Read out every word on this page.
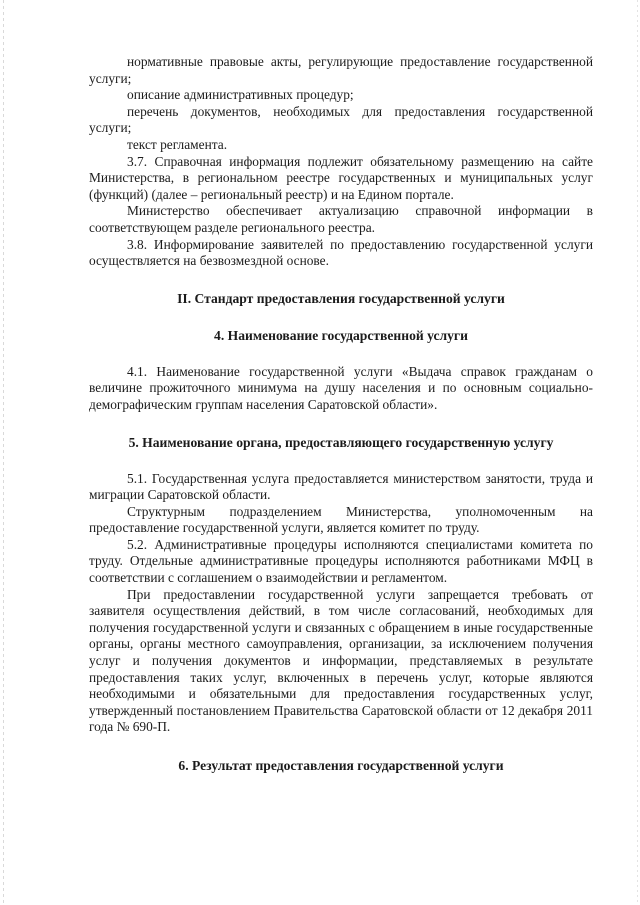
нормативные правовые акты, регулирующие предоставление государственной услуги;

описание административных процедур;

перечень документов, необходимых для предоставления государственной услуги;

текст регламента.

3.7. Справочная информация подлежит обязательному размещению на сайте Министерства, в региональном реестре государственных и муниципальных услуг (функций) (далее – региональный реестр) и на Едином портале.

Министерство обеспечивает актуализацию справочной информации в соответствующем разделе регионального реестра.

3.8. Информирование заявителей по предоставлению государственной услуги осуществляется на безвозмездной основе.

II. Стандарт предоставления государственной услуги
4. Наименование государственной услуги

4.1. Наименование государственной услуги «Выдача справок гражданам о величине прожиточного минимума на душу населения и по основным социально-демографическим группам населения Саратовской области».

5. Наименование органа, предоставляющего государственную услугу

5.1. Государственная услуга предоставляется министерством занятости, труда и миграции Саратовской области.

Структурным подразделением Министерства, уполномоченным на предоставление государственной услуги, является комитет по труду.

5.2. Административные процедуры исполняются специалистами комитета по труду. Отдельные административные процедуры исполняются работниками МФЦ в соответствии с соглашением о взаимодействии и регламентом.

При предоставлении государственной услуги запрещается требовать от заявителя осуществления действий, в том числе согласований, необходимых для получения государственной услуги и связанных с обращением в иные государственные органы, органы местного самоуправления, организации, за исключением получения услуг и получения документов и информации, представляемых в результате предоставления таких услуг, включенных в перечень услуг, которые являются необходимыми и обязательными для предоставления государственных услуг, утвержденный постановлением Правительства Саратовской области от 12 декабря 2011 года № 690-П.

6. Результат предоставления государственной услуги
